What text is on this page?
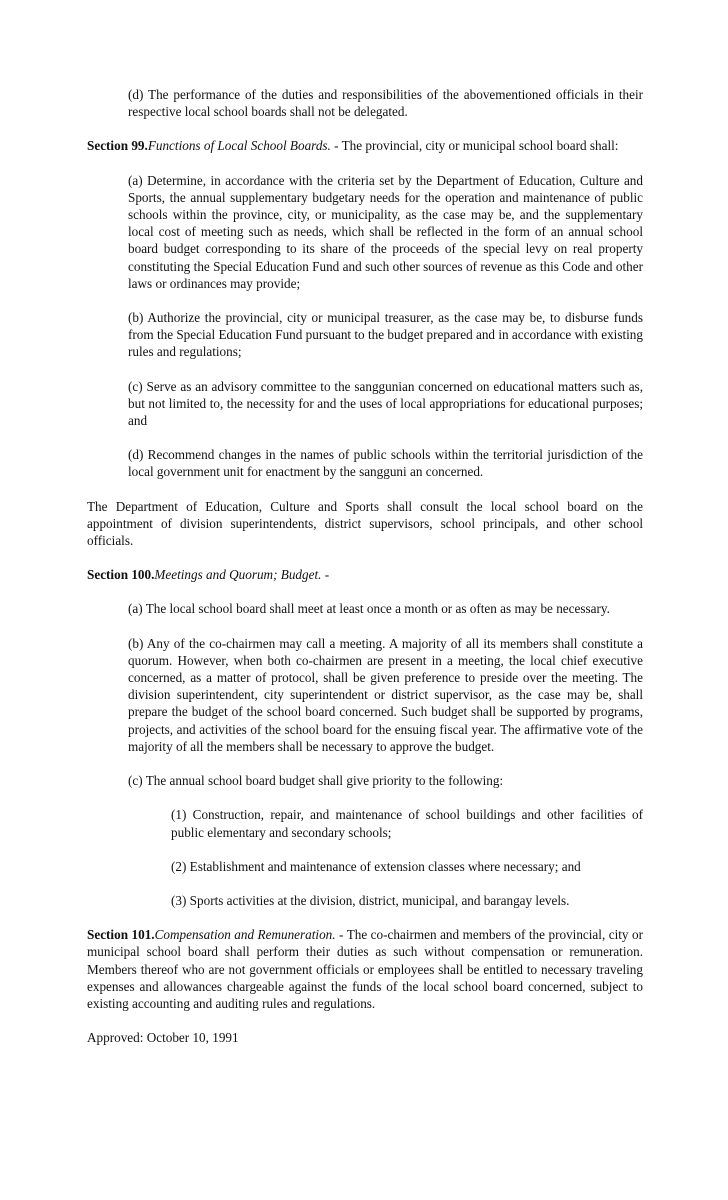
(d) The performance of the duties and responsibilities of the abovementioned officials in their respective local school boards shall not be delegated.

Section 99.Functions of Local School Boards. - The provincial, city or municipal school board shall:

(a) Determine, in accordance with the criteria set by the Department of Education, Culture and Sports, the annual supplementary budgetary needs for the operation and maintenance of public schools within the province, city, or municipality, as the case may be, and the supplementary local cost of meeting such as needs, which shall be reflected in the form of an annual school board budget corresponding to its share of the proceeds of the special levy on real property constituting the Special Education Fund and such other sources of revenue as this Code and other laws or ordinances may provide;

(b) Authorize the provincial, city or municipal treasurer, as the case may be, to disburse funds from the Special Education Fund pursuant to the budget prepared and in accordance with existing rules and regulations;

(c) Serve as an advisory committee to the sanggunian concerned on educational matters such as, but not limited to, the necessity for and the uses of local appropriations for educational purposes; and

(d) Recommend changes in the names of public schools within the territorial jurisdiction of the local government unit for enactment by the sangguni an concerned.

The Department of Education, Culture and Sports shall consult the local school board on the appointment of division superintendents, district supervisors, school principals, and other school officials.

Section 100.Meetings and Quorum; Budget. -

(a) The local school board shall meet at least once a month or as often as may be necessary.

(b) Any of the co-chairmen may call a meeting. A majority of all its members shall constitute a quorum. However, when both co-chairmen are present in a meeting, the local chief executive concerned, as a matter of protocol, shall be given preference to preside over the meeting. The division superintendent, city superintendent or district supervisor, as the case may be, shall prepare the budget of the school board concerned. Such budget shall be supported by programs, projects, and activities of the school board for the ensuing fiscal year. The affirmative vote of the majority of all the members shall be necessary to approve the budget.

(c) The annual school board budget shall give priority to the following:

(1) Construction, repair, and maintenance of school buildings and other facilities of public elementary and secondary schools;

(2) Establishment and maintenance of extension classes where necessary; and

(3) Sports activities at the division, district, municipal, and barangay levels.

Section 101.Compensation and Remuneration. - The co-chairmen and members of the provincial, city or municipal school board shall perform their duties as such without compensation or remuneration. Members thereof who are not government officials or employees shall be entitled to necessary traveling expenses and allowances chargeable against the funds of the local school board concerned, subject to existing accounting and auditing rules and regulations.

Approved: October 10, 1991
